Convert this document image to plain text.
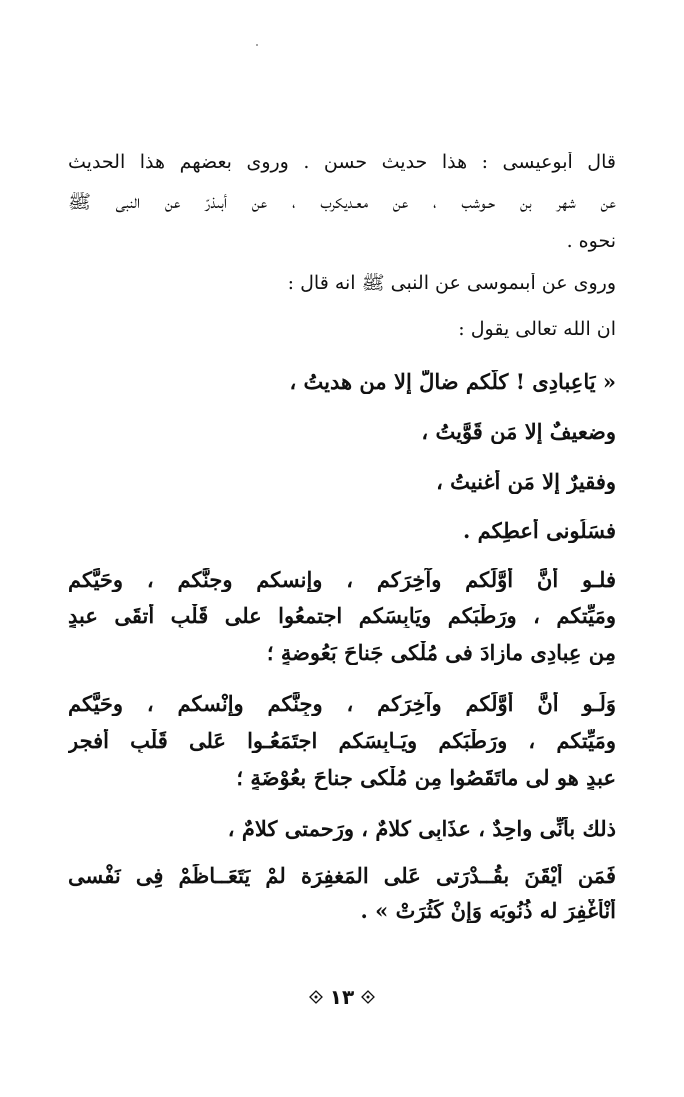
قال أبوعيسى : هذا حديث حسن . وروى بعضهم هذا الحديث
عن شهر بن حـوشب ، عن معـديكرب ، عن أبىذرّ عن النبى ﷺ
نحوه .
وروى عن أبىموسى عن النبى ﷺ انه قال :
ان الله تعالى يقول :
« يَاعِبادِى ! كلُّكم ضالٌّ إلا من هديتُ ،
وضعيفٌ إلا مَن قَوَّيتُ ،
وفقيرٌ إلا مَن أغنيتُ ،
فسَلُونى أُعطِكم .
فلـو أنَّ أوَّلَكم وآخِرَكم ، وإنسكم وجنَّكم ، وحَيَّكم
ومَيِّتكم ، ورَطْبَكم ويَابِسَكم اجتمعُوا على قَلْبِ أتقَى عبدٍ
مِن عِبادِى مازادَ فى مُلْكى جَناحَ بَعُوضةٍ ؛
وَلَـو أنَّ أوَّلَكم وآخِرَكم ، وجِنَّكم وإنْسكم ، وحَيَّكم
ومَيِّتكم ، ورَطْبَكم ويَـابِسَكم اجتَمَعُـوا عَلى قَلْبِ أفجرِ
عبدٍ هو لى ماتَقَصُوا مِن مُلْكى جناحَ بعُوْضَةٍ ؛
ذلك بأنِّى واحِدٌ ، عذَابِى كلامٌ ، ورَحمتى كلامٌ ،
فَمَن أيْقَنَ بقُــدْرَتى عَلى المَغفِرَة لمْ يَتَعَــاظَمْ فِى نَفْسى
أنْأغْفِرَ له ذُنُوبَه وَإنْ كَثُرَتْ » .
١٣
